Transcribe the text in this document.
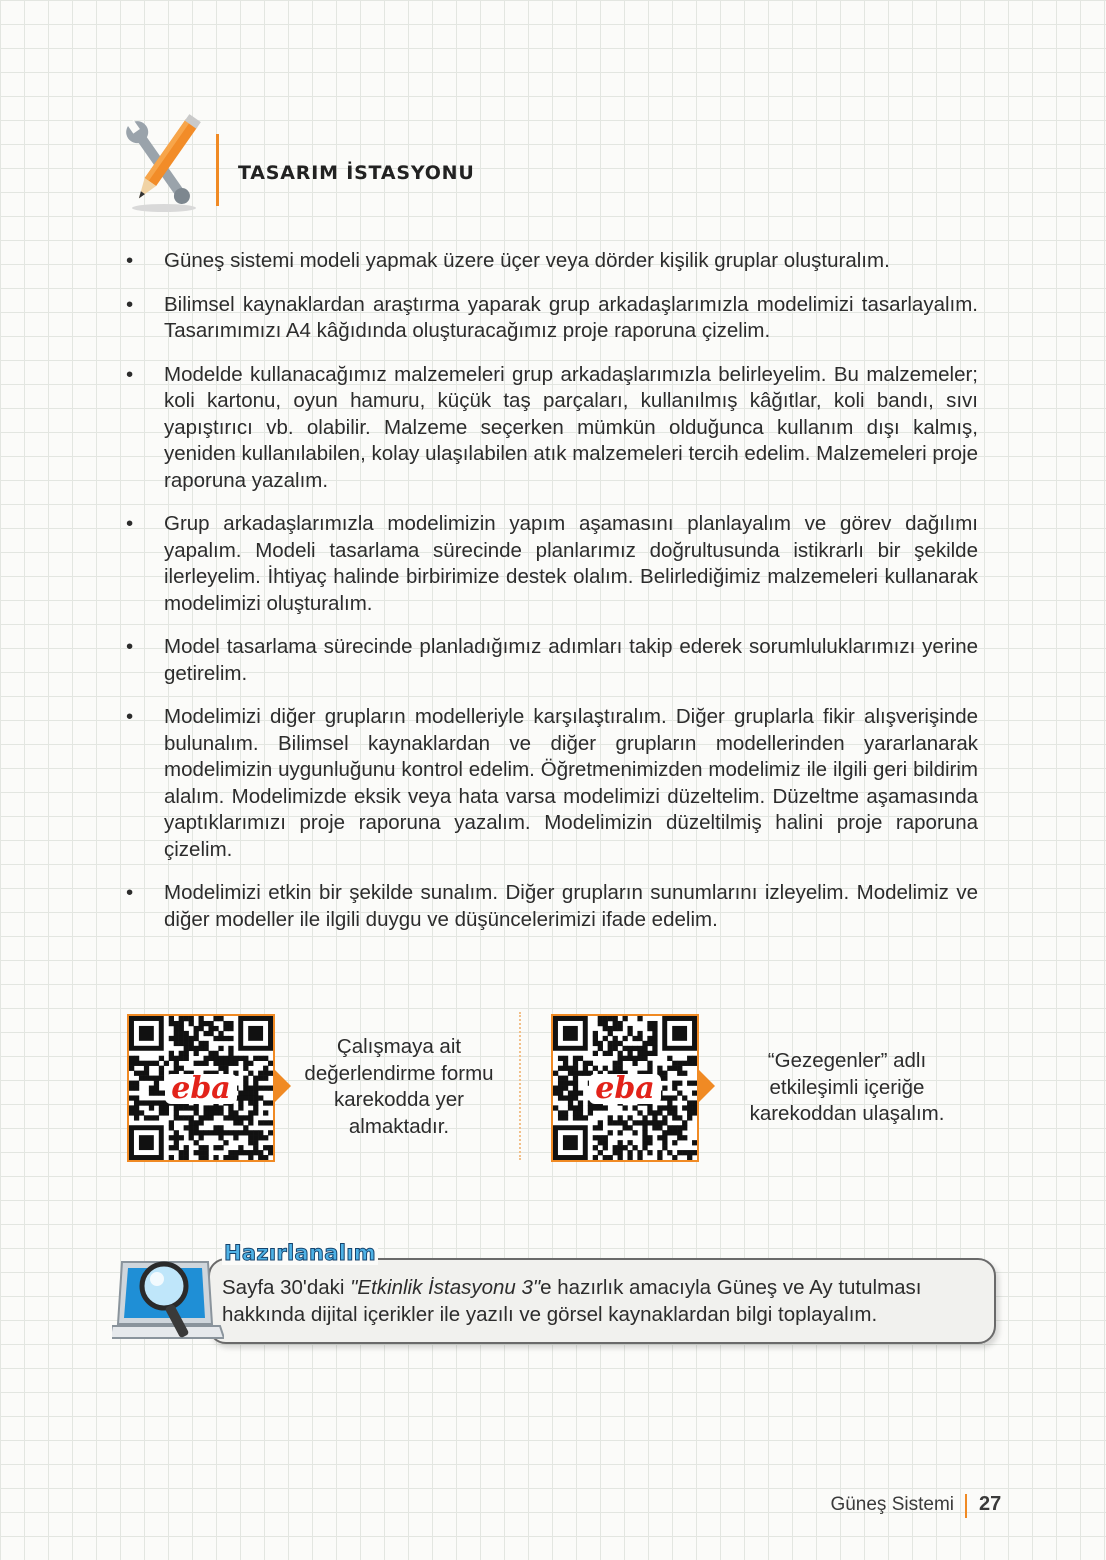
TASARIM İSTASYONU
• Güneş sistemi modeli yapmak üzere üçer veya dörder kişilik gruplar oluşturalım.
• Bilimsel kaynaklardan araştırma yaparak grup arkadaşlarımızla modelimizi tasarlayalım. Tasarımımızı A4 kâğıdında oluşturacağımız proje raporuna çizelim.
• Modelde kullanacağımız malzemeleri grup arkadaşlarımızla belirleyelim. Bu malzemeler; koli kartonu, oyun hamuru, küçük taş parçaları, kullanılmış kâğıtlar, koli bandı, sıvı yapıştırıcı vb. olabilir. Malzeme seçerken mümkün olduğunca kullanım dışı kalmış, yeniden kullanılabilen, kolay ulaşılabilen atık malzemeleri tercih edelim. Malzemeleri proje raporuna yazalım.
• Grup arkadaşlarımızla modelimizin yapım aşamasını planlayalım ve görev dağılımı yapalım. Modeli tasarlama sürecinde planlarımız doğrultusunda istikrarlı bir şekilde ilerleyelim. İhtiyaç halinde birbirimize destek olalım. Belirlediğimiz malzemeleri kullanarak modelimizi oluşturalım.
• Model tasarlama sürecinde planladığımız adımları takip ederek sorumluluklarımızı yerine getirelim.
• Modelimizi diğer grupların modelleriyle karşılaştıralım. Diğer gruplarla fikir alışverişinde bulunalım. Bilimsel kaynaklardan ve diğer grupların modellerinden yararlanarak modelimizin uygunluğunu kontrol edelim. Öğretmenimizden modelimiz ile ilgili geri bildirim alalım. Modelimizde eksik veya hata varsa modelimizi düzeltelim. Düzeltme aşamasında yaptıklarımızı proje raporuna yazalım. Modelimizin düzeltilmiş halini proje raporuna çizelim.
• Modelimizi etkin bir şekilde sunalım. Diğer grupların sunumlarını izleyelim. Modelimiz ve diğer modeller ile ilgili duygu ve düşüncelerimizi ifade edelim.
eba
Çalışmaya ait
değerlendirme formu
karekodda yer
almaktadır.
eba
“Gezegenler” adlı
etkileşimli içeriğe
karekoddan ulaşalım.
Hazırlanalım
Sayfa 30'daki "Etkinlik İstasyonu 3"e hazırlık amacıyla Güneş ve Ay tutulması hakkında dijital içerikler ile yazılı ve görsel kaynaklardan bilgi toplayalım.
Güneş Sistemi 27
